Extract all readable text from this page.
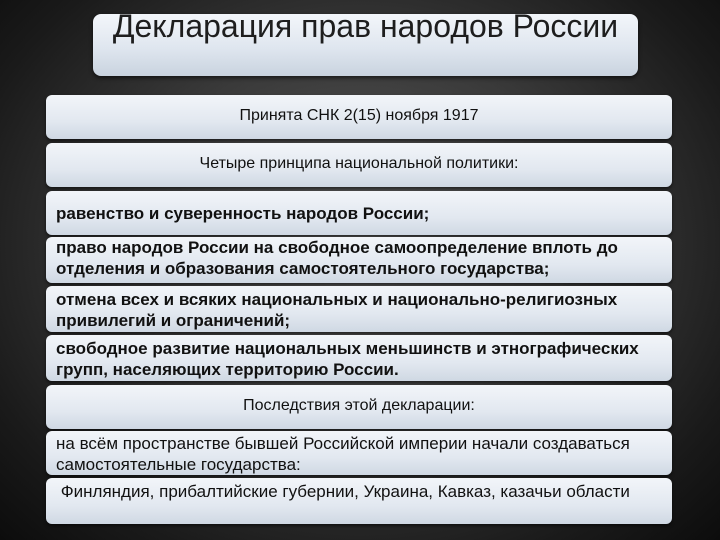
Декларация прав народов России
Принята СНК 2(15) ноября 1917
Четыре принципа национальной политики:
равенство и суверенность народов России;
право народов России на свободное самоопределение вплоть до отделения и образования самостоятельного государства;
отмена всех и всяких национальных и национально-религиозных привилегий и ограничений;
свободное развитие национальных меньшинств и этнографических групп, населяющих территорию России.
Последствия этой декларации:
на всём пространстве бывшей Российской империи начали создаваться самостоятельные государства:
Финляндия, прибалтийские губернии, Украина, Кавказ, казачьи области
